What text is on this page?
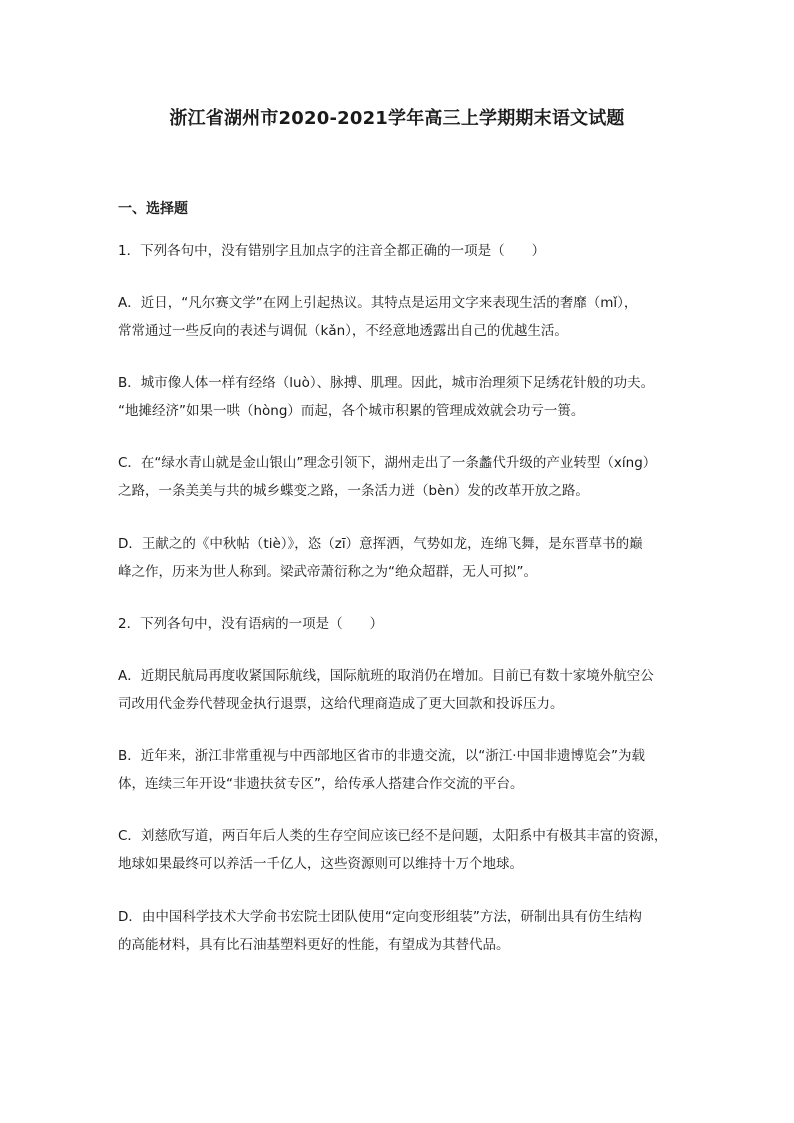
浙江省湖州市2020-2021学年高三上学期期末语文试题
一、选择题

1．下列各句中，没有错别字且加点字的注音全都正确的一项是（　　）

A．近日，“凡尔赛文学”在网上引起热议。其特点是运用文字来表现生活的奢靡（mǐ），

常常通过一些反向的表述与调侃（kǎn），不经意地透露出自己的优越生活。

B．城市像人体一样有经络（luò）、脉搏、肌理。因此，城市治理须下足绣花针般的功夫。

“地摊经济”如果一哄（hòng）而起，各个城市积累的管理成效就会功亏一篑。

C．在“绿水青山就是金山银山”理念引领下，湖州走出了一条蠡代升级的产业转型（xíng）

之路，一条美美与共的城乡蝶变之路，一条活力迸（bèn）发的改革开放之路。

D．王献之的《中秋帖（tiè）》，恣（zī）意挥洒，气势如龙，连绵飞舞，是东晋草书的巅

峰之作，历来为世人称到。梁武帝萧衍称之为“绝众超群，无人可拟”。

2．下列各句中，没有语病的一项是（　　）

A．近期民航局再度收紧国际航线，国际航班的取消仍在增加。目前已有数十家境外航空公

司改用代金券代替现金执行退票，这给代理商造成了更大回款和投诉压力。

B．近年来，浙江非常重视与中西部地区省市的非遗交流，以“浙江·中国非遗博览会”为载

体，连续三年开设“非遗扶贫专区”，给传承人搭建合作交流的平台。

C．刘慈欣写道，两百年后人类的生存空间应该已经不是问题，太阳系中有极其丰富的资源，

地球如果最终可以养活一千亿人，这些资源则可以维持十万个地球。

D．由中国科学技术大学俞书宏院士团队使用“定向变形组装”方法，研制出具有仿生结构

的高能材料，具有比石油基塑料更好的性能，有望成为其替代品。
